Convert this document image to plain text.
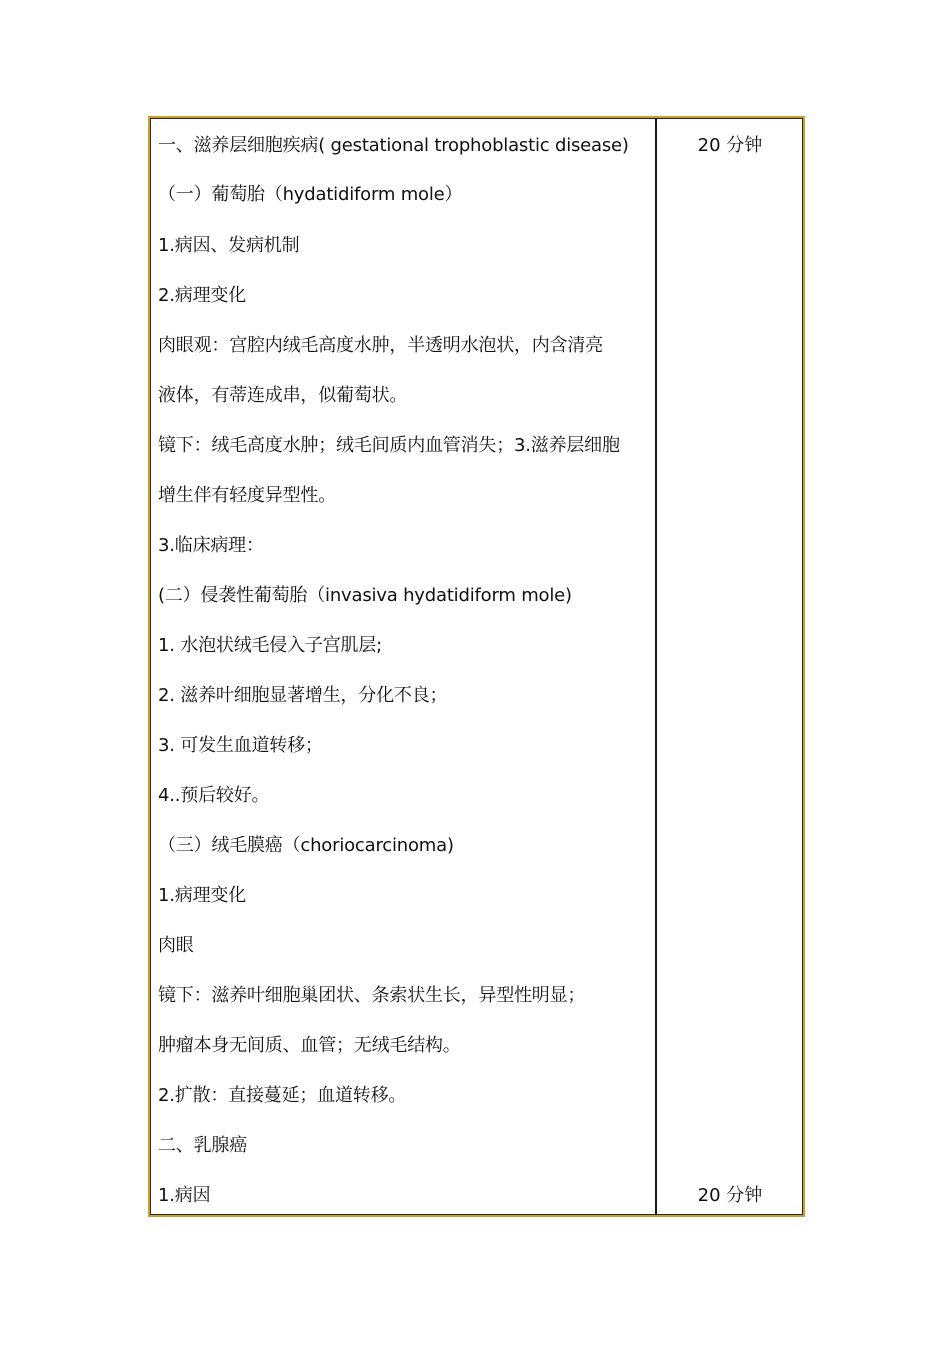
一、滋养层细胞疾病( gestational trophoblastic disease)
（一）葡萄胎（hydatidiform mole）
1.病因、发病机制
2.病理变化
肉眼观：宫腔内绒毛高度水肿，半透明水泡状，内含清亮
液体，有蒂连成串，似葡萄状。
镜下：绒毛高度水肿；绒毛间质内血管消失；3.滋养层细胞
增生伴有轻度异型性。
3.临床病理：
(二）侵袭性葡萄胎（invasiva hydatidiform mole)
1. 水泡状绒毛侵入子宫肌层;
2. 滋养叶细胞显著增生，分化不良；
3. 可发生血道转移；
4..预后较好。
（三）绒毛膜癌（choriocarcinoma)
1.病理变化
肉眼
镜下：滋养叶细胞巢团状、条索状生长，异型性明显；
肿瘤本身无间质、血管；无绒毛结构。
2.扩散：直接蔓延；血道转移。
二、乳腺癌
1.病因
20 分钟
20 分钟
